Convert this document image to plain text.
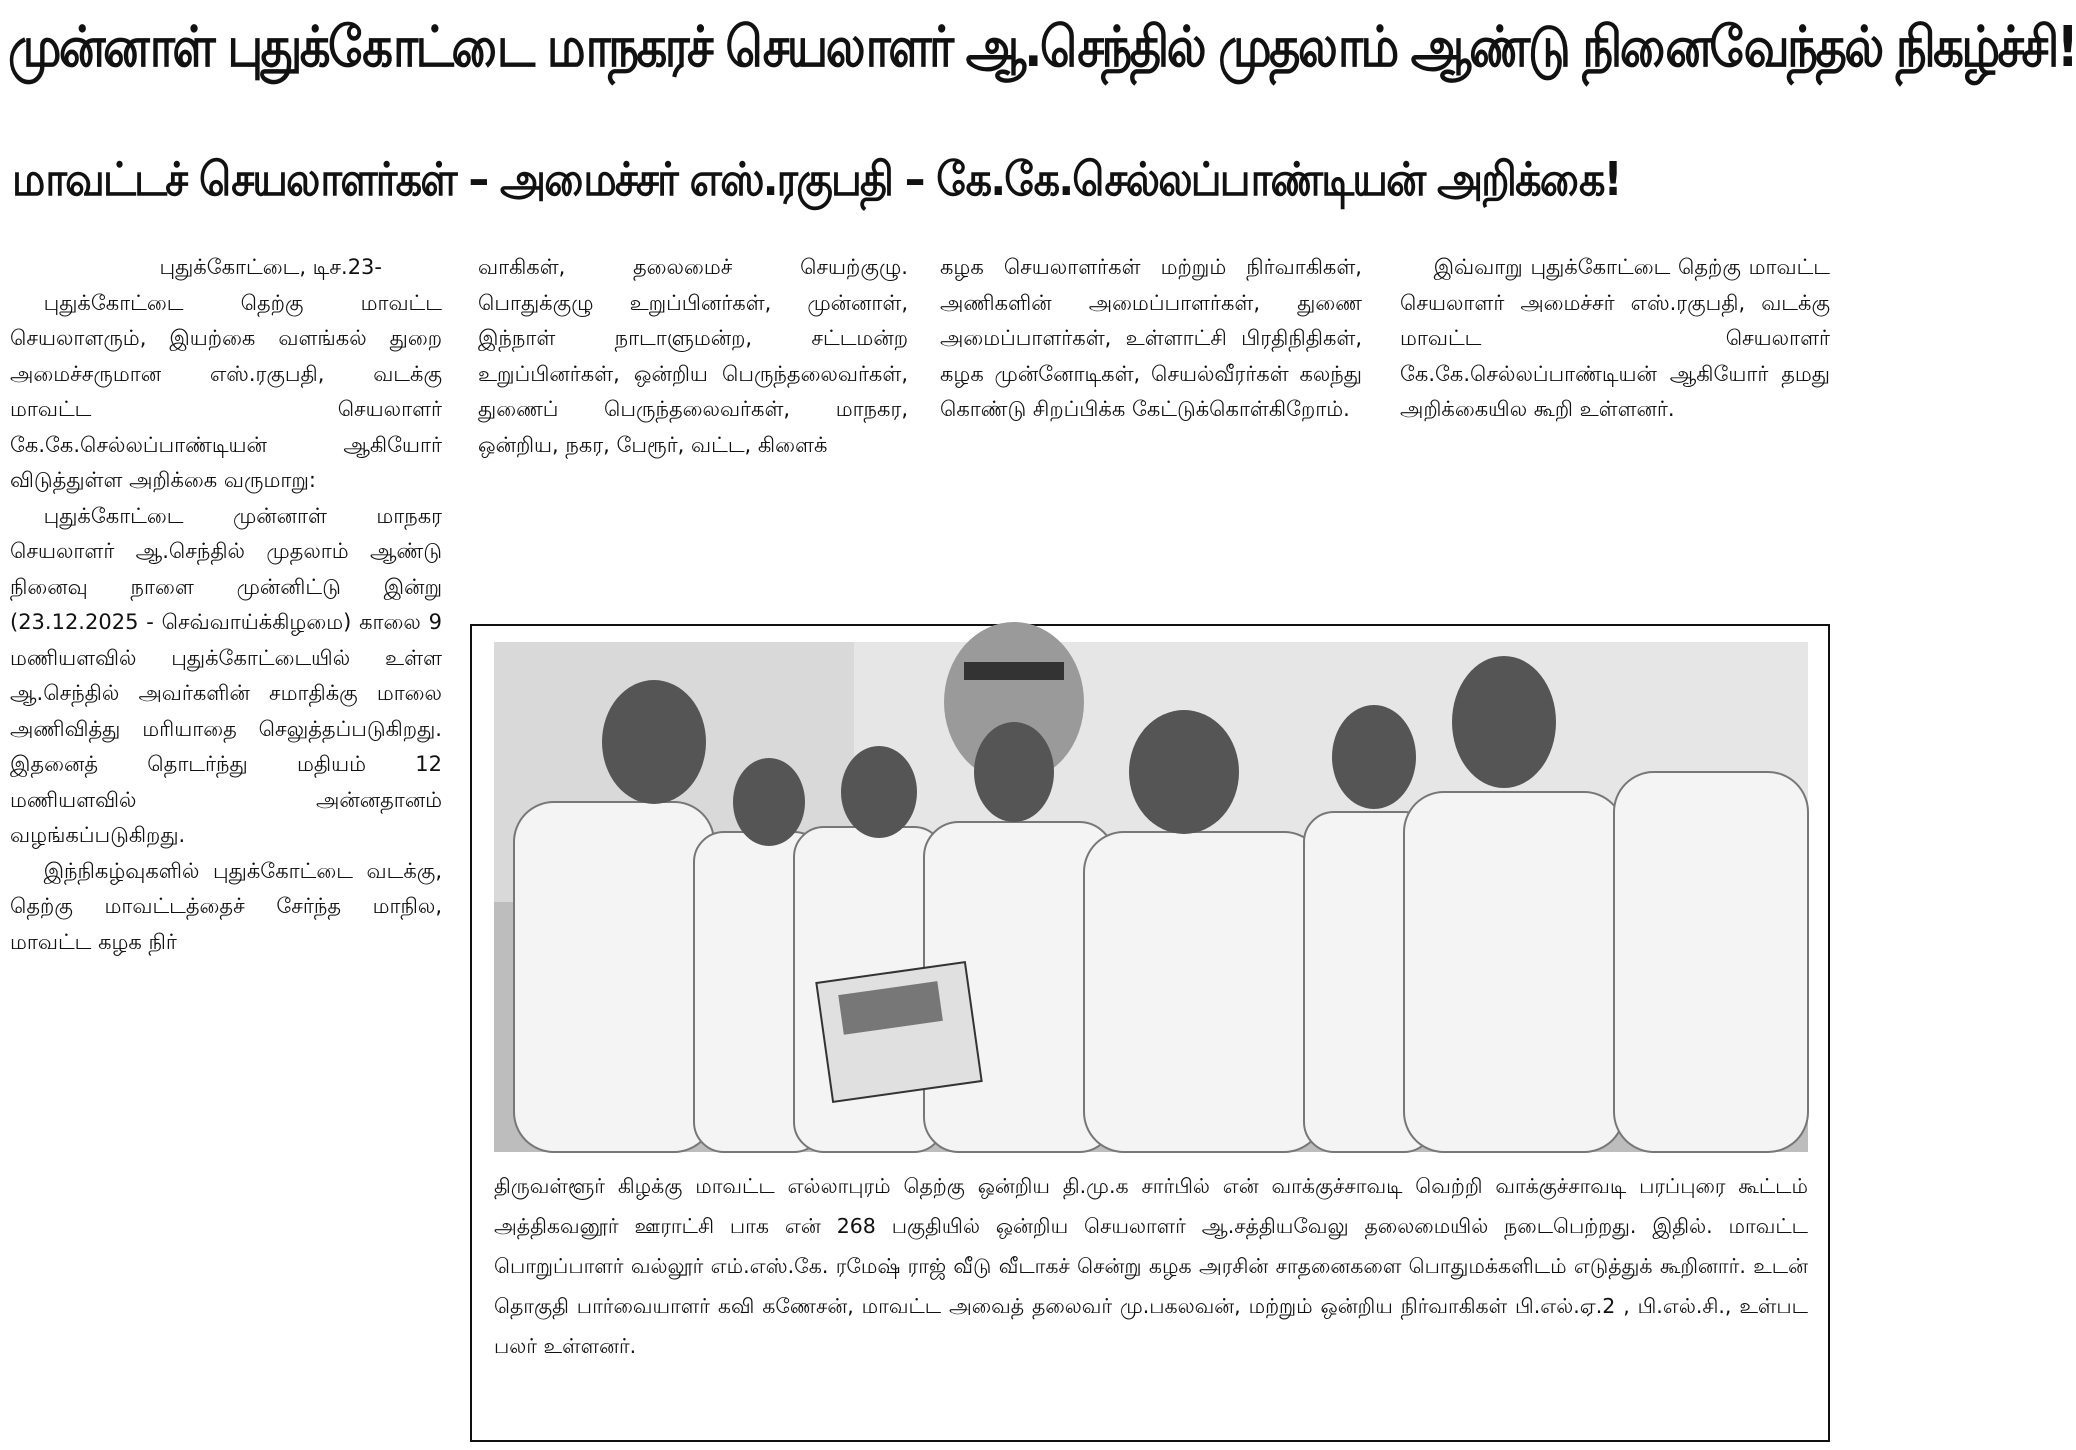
முன்னாள் புதுக்கோட்டை மாநகரச் செயலாளர் ஆ.செந்தில் முதலாம் ஆண்டு நினைவேந்தல் நிகழ்ச்சி!
மாவட்டச் செயலாளர்கள் – அமைச்சர் எஸ்.ரகுபதி – கே.கே.செல்லப்பாண்டியன் அறிக்கை!

புதுக்கோட்டை, டிச.23-

புதுக்கோட்டை தெற்கு மாவட்ட செயலாளரும், இயற்கை வளங்கல் துறை அமைச்சருமான எஸ்.ரகுபதி, வடக்கு மாவட்ட செயலாளர் கே.கே.செல்லப்பாண்டியன் ஆகியோர் விடுத்துள்ள அறிக்கை வருமாறு:

புதுக்கோட்டை முன்னாள் மாநகர செயலாளர் ஆ.செந்தில் முதலாம் ஆண்டு நினைவு நாளை முன்னிட்டு இன்று (23.12.2025 - செவ்வாய்க்கிழமை) காலை 9 மணியளவில் புதுக்கோட்டையில் உள்ள ஆ.செந்தில் அவர்களின் சமாதிக்கு மாலை அணிவித்து மரியாதை செலுத்தப்படுகிறது. இதனைத் தொடர்ந்து மதியம் 12 மணியளவில் அன்னதானம் வழங்கப்படுகிறது.

இந்நிகழ்வுகளில் புதுக்கோட்டை வடக்கு, தெற்கு மாவட்டத்தைச் சேர்ந்த மாநில, மாவட்ட கழக நிர்

வாகிகள், தலைமைச் செயற்குழு. பொதுக்குழு உறுப்பினர்கள், முன்னாள், இந்நாள் நாடாளுமன்ற, சட்டமன்ற உறுப்பினர்கள், ஒன்றிய பெருந்தலைவர்கள், துணைப் பெருந்தலைவர்கள், மாநகர, ஒன்றிய, நகர, பேரூர், வட்ட, கிளைக்

கழக செயலாளர்கள் மற்றும் நிர்வாகிகள், அணிகளின் அமைப்பாளர்கள், துணை அமைப்பாளர்கள், உள்ளாட்சி பிரதிநிதிகள், கழக முன்னோடிகள், செயல்வீரர்கள் கலந்து கொண்டு சிறப்பிக்க கேட்டுக்கொள்கிறோம்.

இவ்வாறு புதுக்கோட்டை தெற்கு மாவட்ட செயலாளர் அமைச்சர் எஸ்.ரகுபதி, வடக்கு மாவட்ட செயலாளர் கே.கே.செல்லப்பாண்டியன் ஆகியோர் தமது அறிக்கையில கூறி உள்ளனர்.

திருவள்ளூர் கிழக்கு மாவட்ட எல்லாபுரம் தெற்கு ஒன்றிய தி.மு.க சார்பில் என் வாக்குச்சாவடி வெற்றி வாக்குச்சாவடி பரப்புரை கூட்டம் அத்திகவனூர் ஊராட்சி பாக என் 268 பகுதியில் ஒன்றிய செயலாளர் ஆ.சத்தியவேலு தலைமையில் நடைபெற்றது. இதில். மாவட்ட பொறுப்பாளர் வல்லூர் எம்.எஸ்.கே. ரமேஷ் ராஜ் வீடு வீடாகச் சென்று கழக அரசின் சாதனைகளை பொதுமக்களிடம் எடுத்துக் கூறினார். உடன் தொகுதி பார்வையாளர் கவி கணேசன், மாவட்ட அவைத் தலைவர் மு.பகலவன், மற்றும் ஒன்றிய நிர்வாகிகள் பி.எல்.ஏ.2 , பி.எல்.சி., உள்பட பலர் உள்ளனர்.
